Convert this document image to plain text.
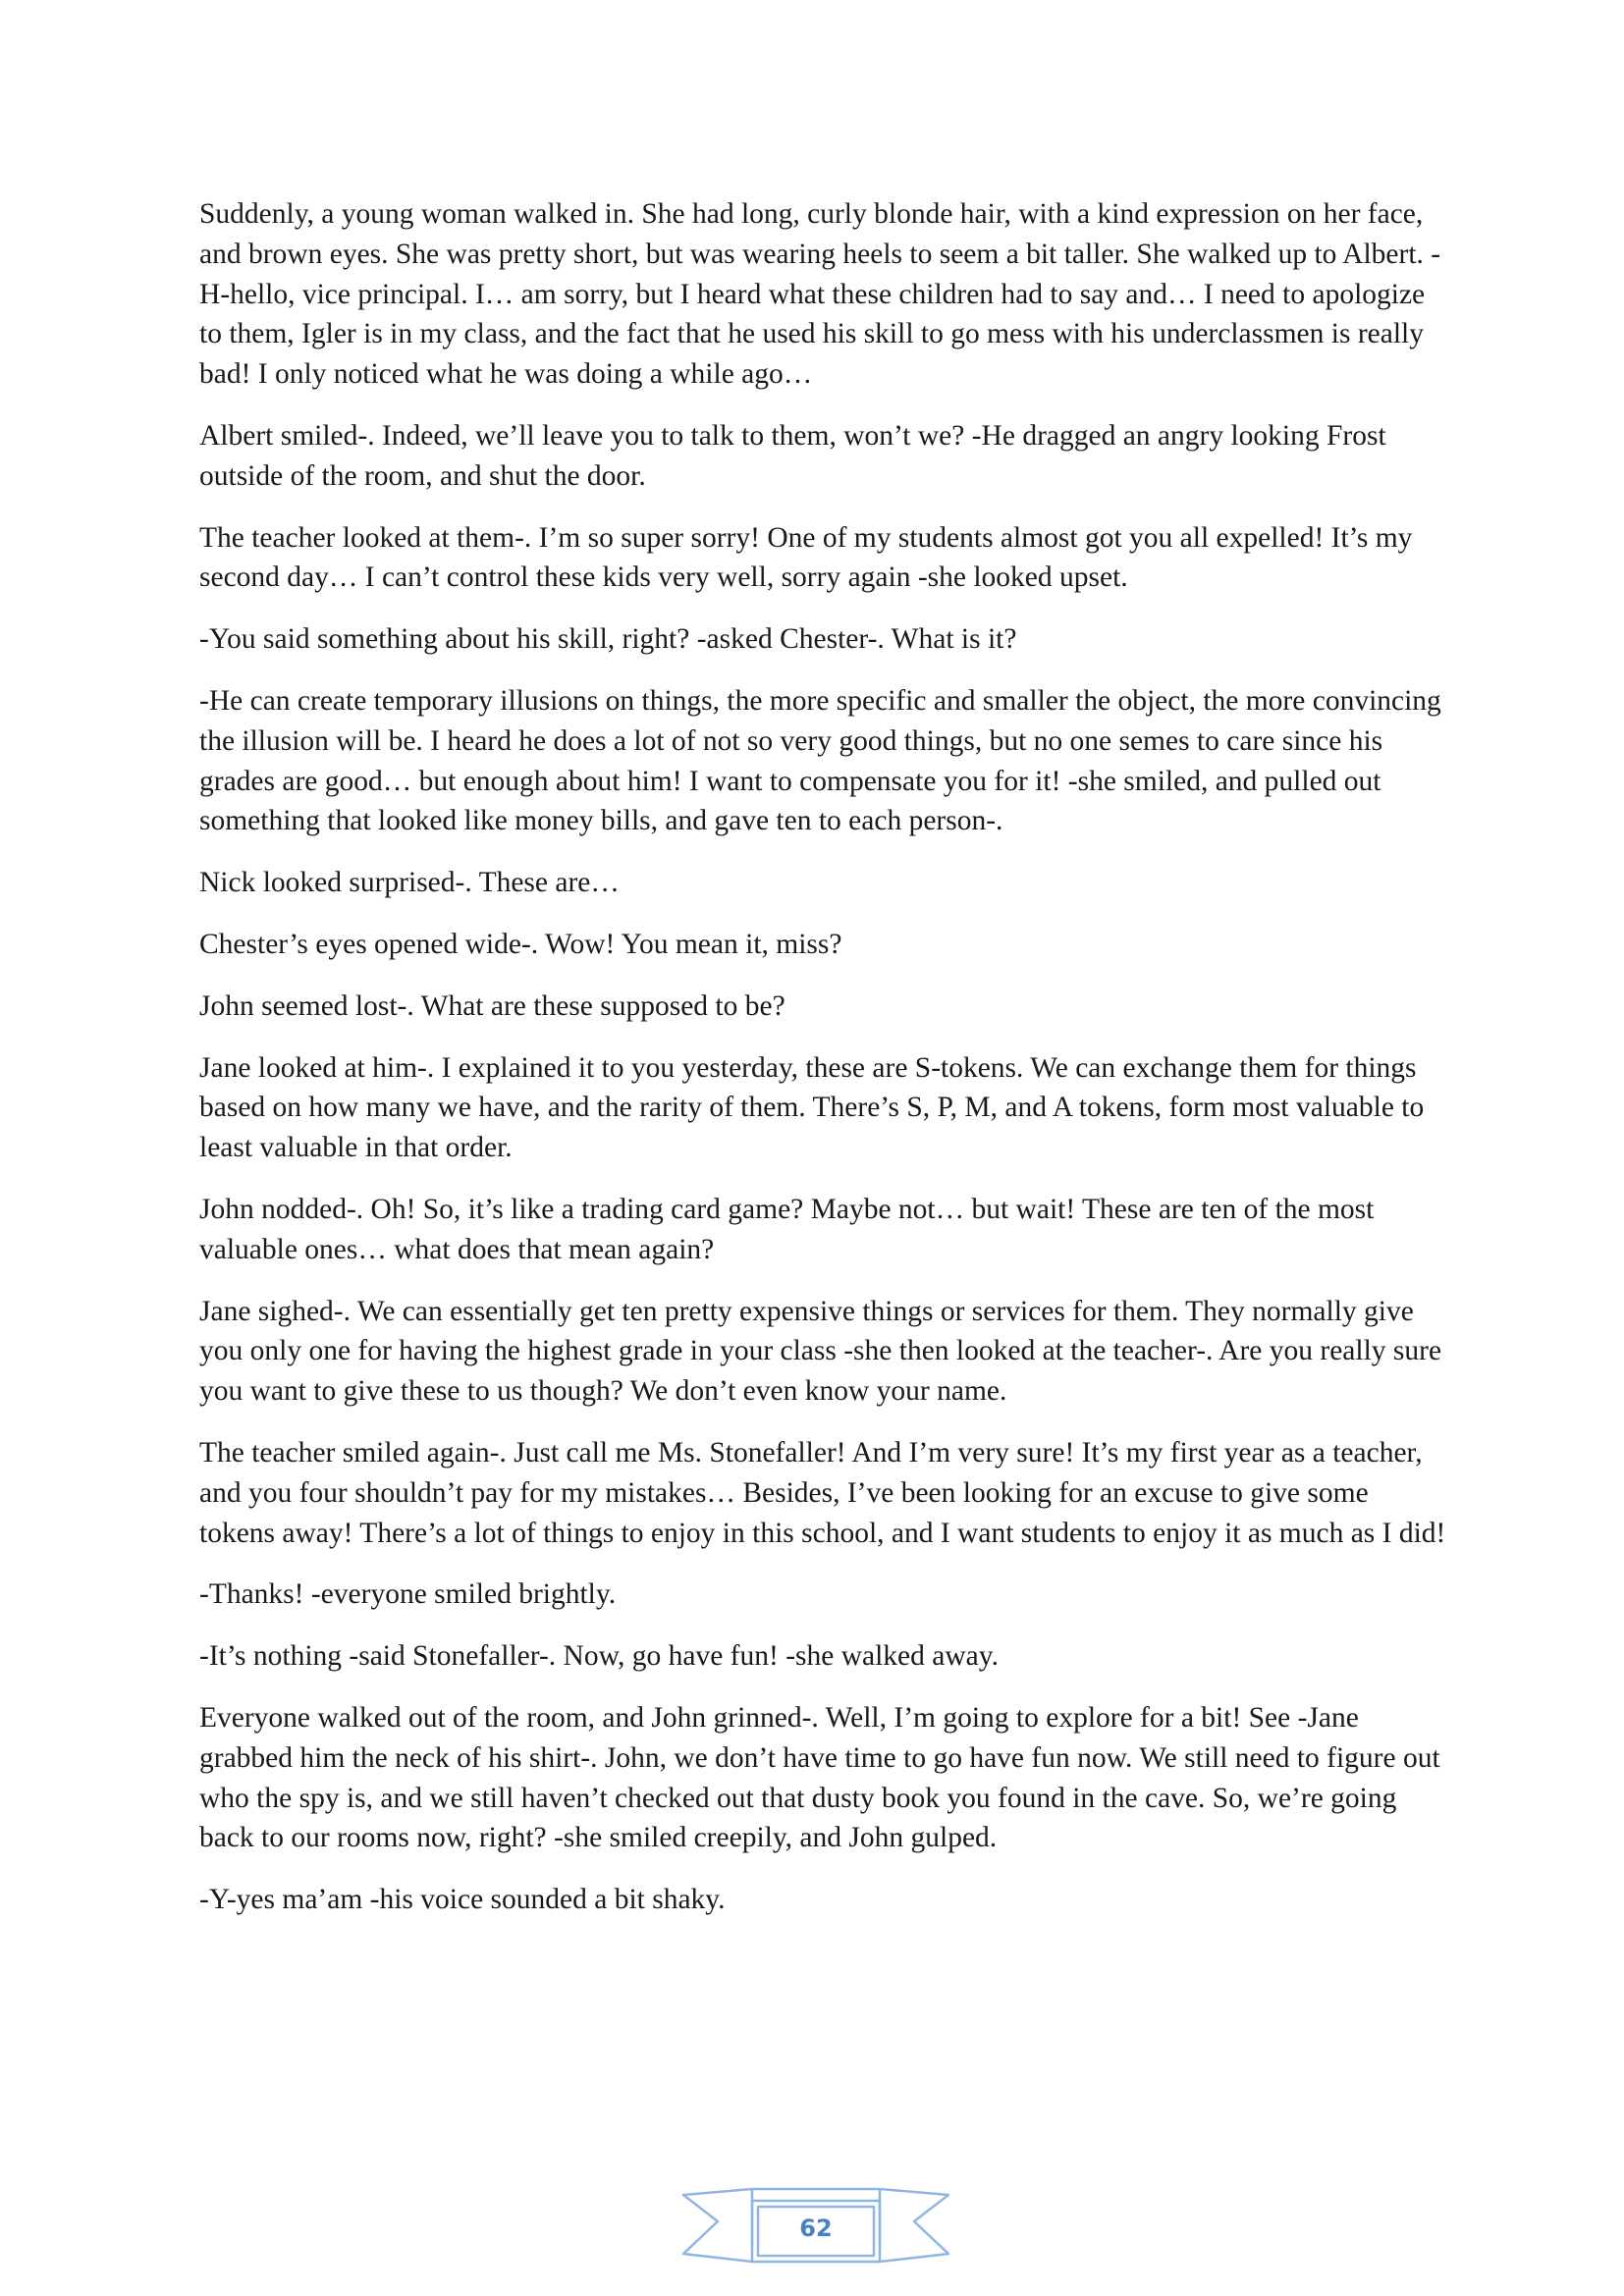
Suddenly, a young woman walked in. She had long, curly blonde hair, with a kind expression on her face, and brown eyes. She was pretty short, but was wearing heels to seem a bit taller. She walked up to Albert. -H-hello, vice principal. I… am sorry, but I heard what these children had to say and… I need to apologize to them, Igler is in my class, and the fact that he used his skill to go mess with his underclassmen is really bad! I only noticed what he was doing a while ago…

Albert smiled-. Indeed, we’ll leave you to talk to them, won’t we? -He dragged an angry looking Frost outside of the room, and shut the door.

The teacher looked at them-. I’m so super sorry! One of my students almost got you all expelled! It’s my second day… I can’t control these kids very well, sorry again -she looked upset.

-You said something about his skill, right? -asked Chester-. What is it?

-He can create temporary illusions on things, the more specific and smaller the object, the more convincing the illusion will be. I heard he does a lot of not so very good things, but no one semes to care since his grades are good… but enough about him! I want to compensate you for it! -she smiled, and pulled out something that looked like money bills, and gave ten to each person-.

Nick looked surprised-. These are…

Chester’s eyes opened wide-. Wow! You mean it, miss?

John seemed lost-. What are these supposed to be?

Jane looked at him-. I explained it to you yesterday, these are S-tokens. We can exchange them for things based on how many we have, and the rarity of them. There’s S, P, M, and A tokens, form most valuable to least valuable in that order.

John nodded-. Oh! So, it’s like a trading card game? Maybe not… but wait! These are ten of the most valuable ones… what does that mean again?

Jane sighed-. We can essentially get ten pretty expensive things or services for them. They normally give you only one for having the highest grade in your class -she then looked at the teacher-. Are you really sure you want to give these to us though? We don’t even know your name.

The teacher smiled again-. Just call me Ms. Stonefaller! And I’m very sure! It’s my first year as a teacher, and you four shouldn’t pay for my mistakes… Besides, I’ve been looking for an excuse to give some tokens away! There’s a lot of things to enjoy in this school, and I want students to enjoy it as much as I did!

-Thanks! -everyone smiled brightly.

-It’s nothing -said Stonefaller-. Now, go have fun! -she walked away.

Everyone walked out of the room, and John grinned-. Well, I’m going to explore for a bit! See -Jane grabbed him the neck of his shirt-. John, we don’t have time to go have fun now. We still need to figure out who the spy is, and we still haven’t checked out that dusty book you found in the cave. So, we’re going back to our rooms now, right? -she smiled creepily, and John gulped.

-Y-yes ma’am -his voice sounded a bit shaky.

62
